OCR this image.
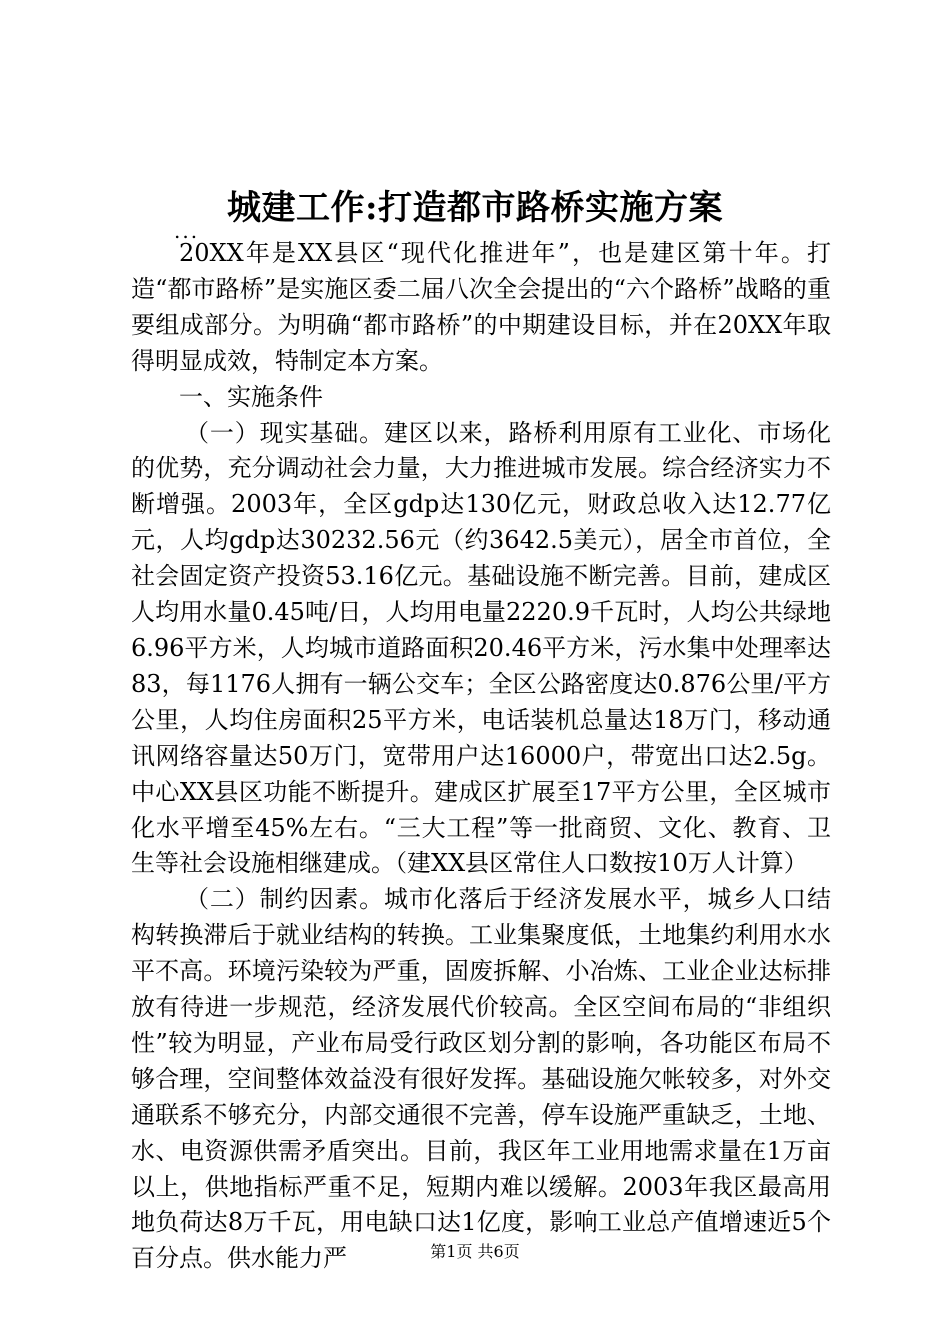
城建工作:打造都市路桥实施方案
...

20XX年是XX县区“现代化推进年”，也是建区第十年。打造“都市路桥”是实施区委二届八次全会提出的“六个路桥”战略的重要组成部分。为明确“都市路桥”的中期建设目标，并在20XX年取得明显成效，特制定本方案。

一、实施条件

（一）现实基础。建区以来，路桥利用原有工业化、市场化的优势，充分调动社会力量，大力推进城市发展。综合经济实力不断增强。2003年，全区gdp达130亿元，财政总收入达12.77亿元，人均gdp达30232.56元（约3642.5美元），居全市首位，全社会固定资产投资53.16亿元。基础设施不断完善。目前，建成区人均用水量0.45吨/日，人均用电量2220.9千瓦时，人均公共绿地6.96平方米，人均城市道路面积20.46平方米，污水集中处理率达83，每1176人拥有一辆公交车；全区公路密度达0.876公里/平方公里，人均住房面积25平方米，电话装机总量达18万门，移动通讯网络容量达50万门，宽带用户达16000户，带宽出口达2.5g。中心XX县区功能不断提升。建成区扩展至17平方公里，全区城市化水平增至45%左右。“三大工程”等一批商贸、文化、教育、卫生等社会设施相继建成。（建XX县区常住人口数按10万人计算）

（二）制约因素。城市化落后于经济发展水平，城乡人口结构转换滞后于就业结构的转换。工业集聚度低，土地集约利用水水平不高。环境污染较为严重，固废拆解、小冶炼、工业企业达标排放有待进一步规范，经济发展代价较高。全区空间布局的“非组织性”较为明显，产业布局受行政区划分割的影响，各功能区布局不够合理，空间整体效益没有很好发挥。基础设施欠帐较多，对外交通联系不够充分，内部交通很不完善，停车设施严重缺乏，土地、水、电资源供需矛盾突出。目前，我区年工业用地需求量在1万亩以上，供地指标严重不足，短期内难以缓解。2003年我区最高用地负荷达8万千瓦，用电缺口达1亿度，影响工业总产值增速近5个百分点。供水能力严	第1页 共6页
